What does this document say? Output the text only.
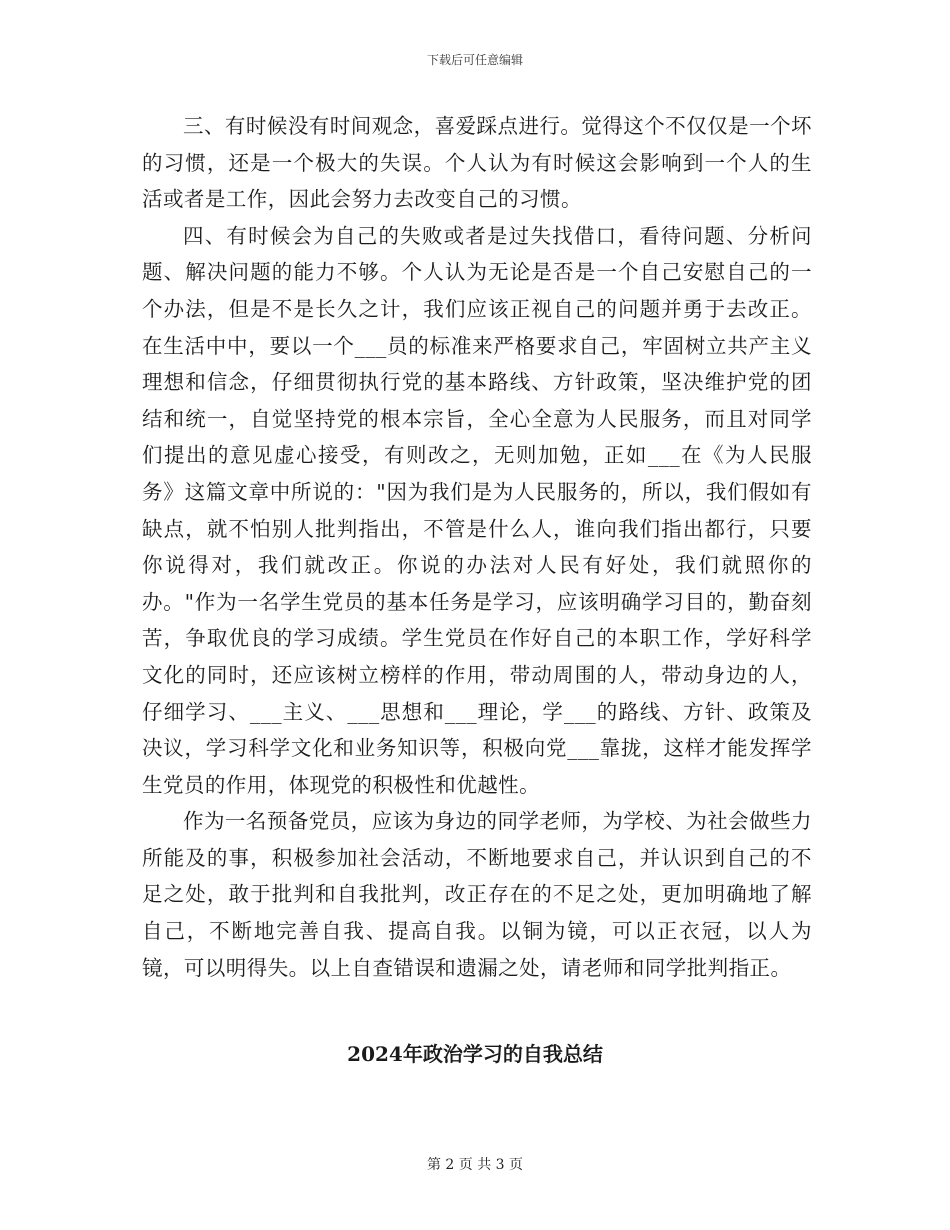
下载后可任意编辑

三、有时候没有时间观念，喜爱踩点进行。觉得这个不仅仅是一个坏的习惯，还是一个极大的失误。个人认为有时候这会影响到一个人的生活或者是工作，因此会努力去改变自己的习惯。

四、有时候会为自己的失败或者是过失找借口，看待问题、分析问题、解决问题的能力不够。个人认为无论是否是一个自己安慰自己的一个办法，但是不是长久之计，我们应该正视自己的问题并勇于去改正。在生活中中，要以一个___员的标准来严格要求自己，牢固树立共产主义理想和信念，仔细贯彻执行党的基本路线、方针政策，坚决维护党的团结和统一，自觉坚持党的根本宗旨，全心全意为人民服务，而且对同学们提出的意见虚心接受，有则改之，无则加勉，正如___在《为人民服务》这篇文章中所说的："因为我们是为人民服务的，所以，我们假如有缺点，就不怕别人批判指出，不管是什么人，谁向我们指出都行，只要你说得对，我们就改正。你说的办法对人民有好处，我们就照你的办。"作为一名学生党员的基本任务是学习，应该明确学习目的，勤奋刻苦，争取优良的学习成绩。学生党员在作好自己的本职工作，学好科学文化的同时，还应该树立榜样的作用，带动周围的人，带动身边的人，仔细学习、___主义、___思想和___理论，学___的路线、方针、政策及决议，学习科学文化和业务知识等，积极向党___靠拢，这样才能发挥学生党员的作用，体现党的积极性和优越性。

作为一名预备党员，应该为身边的同学老师，为学校、为社会做些力所能及的事，积极参加社会活动，不断地要求自己，并认识到自己的不足之处，敢于批判和自我批判，改正存在的不足之处，更加明确地了解自己，不断地完善自我、提高自我。以铜为镜，可以正衣冠，以人为镜，可以明得失。以上自查错误和遗漏之处，请老师和同学批判指正。

2024年政治学习的自我总结
第 2 页 共 3 页
